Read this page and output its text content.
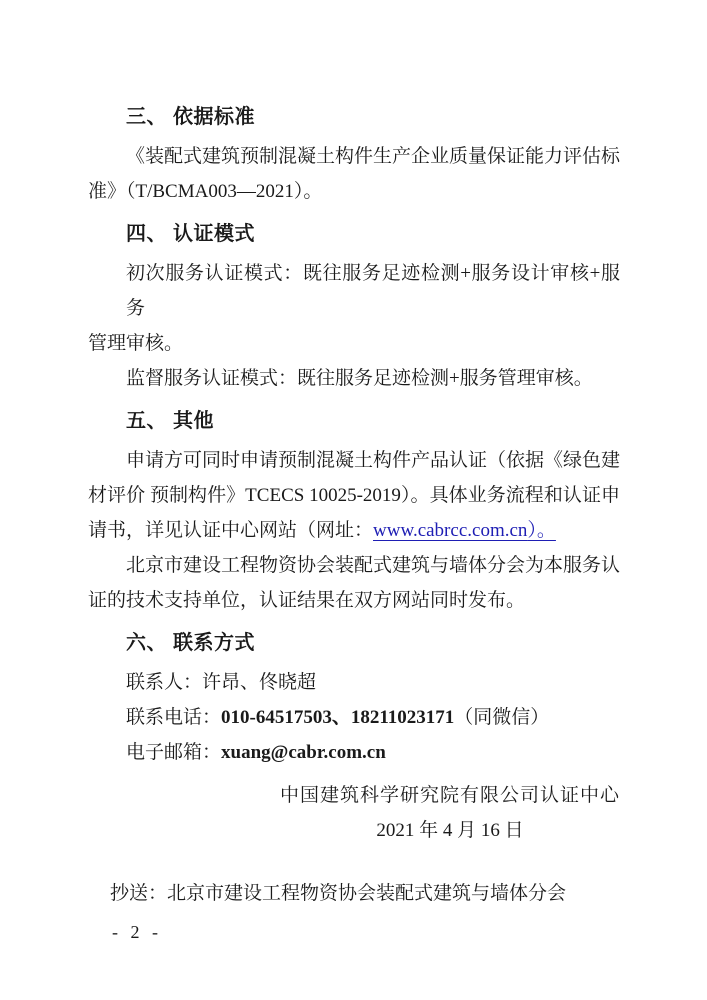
三、 依据标准
《装配式建筑预制混凝土构件生产企业质量保证能力评估标
准》（T/BCMA003—2021）。
四、 认证模式
初次服务认证模式：既往服务足迹检测+服务设计审核+服务
管理审核。
监督服务认证模式：既往服务足迹检测+服务管理审核。
五、 其他
申请方可同时申请预制混凝土构件产品认证（依据《绿色建
材评价 预制构件》TCECS 10025-2019）。具体业务流程和认证申
请书，详见认证中心网站（网址：www.cabrcc.com.cn）。
北京市建设工程物资协会装配式建筑与墙体分会为本服务认
证的技术支持单位，认证结果在双方网站同时发布。
六、 联系方式
联系人：许昂、佟晓超
联系电话：010-64517503、18211023171（同微信）
电子邮箱：xuang@cabr.com.cn
中国建筑科学研究院有限公司认证中心
2021 年 4 月 16 日
抄送：北京市建设工程物资协会装配式建筑与墙体分会
- 2 -
